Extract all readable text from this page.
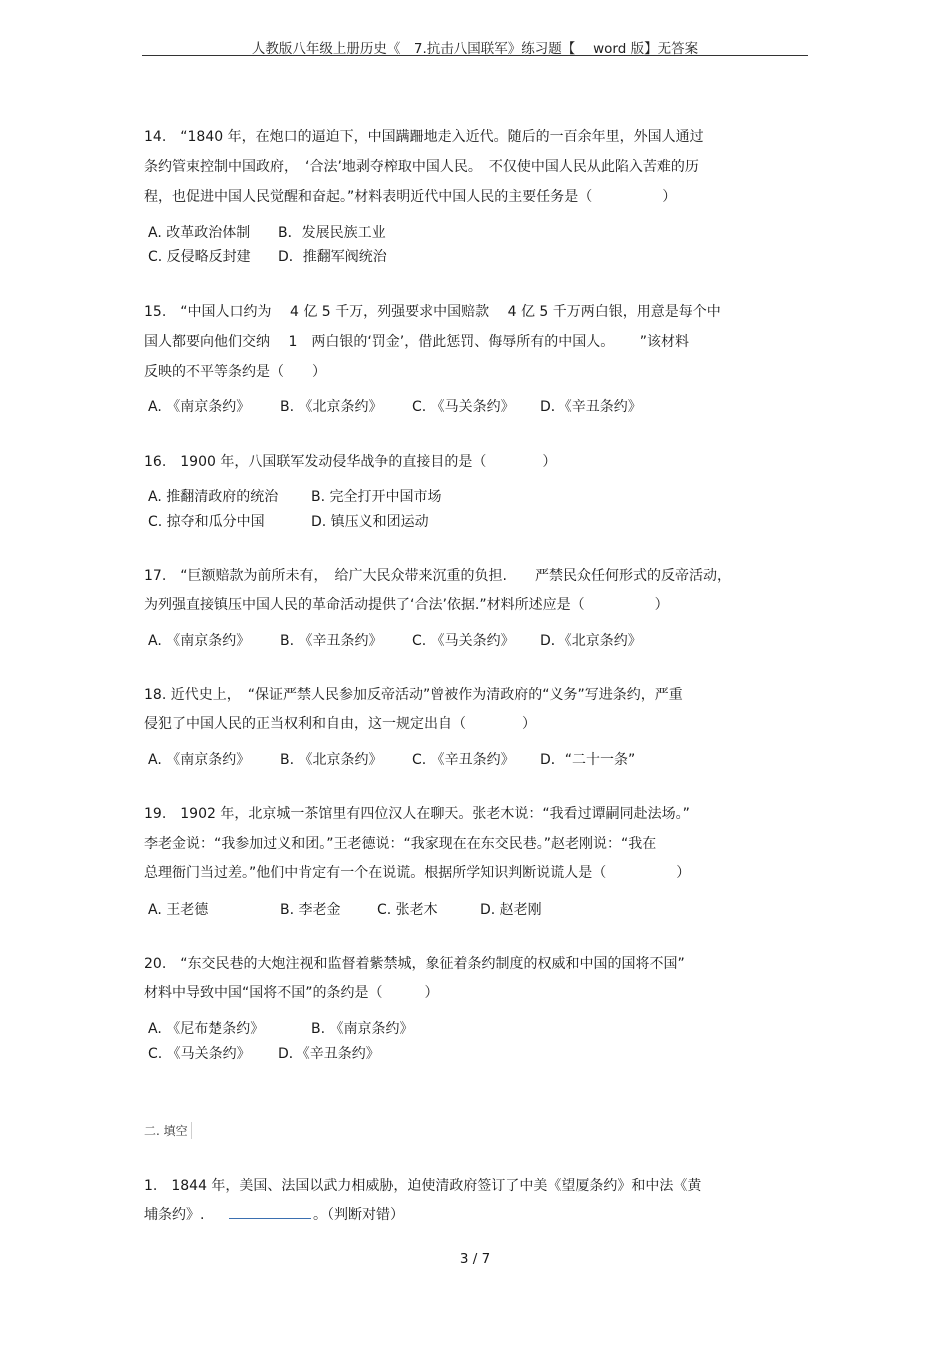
人教版八年级上册历史《　7.抗击八国联军》练习题【　 word 版】无答案
14.　“1840 年，在炮口的逼迫下，中国蹒跚地走入近代。随后的一百余年里，外国人通过
条约管束控制中国政府，　‘合法’地剥夺榨取中国人民。　不仅使中国人民从此陷入苦难的历
程，也促进中国人民觉醒和奋起。”材料表明近代中国人民的主要任务是（　　　　　）
A. 改革政治体制 B．发展民族工业
C. 反侵略反封建 D．推翻军阀统治
15.　“中国人口约为　 4 亿 5 千万，列强要求中国赔款　 4 亿 5 千万两白银，用意是每个中
国人都要向他们交纳　 1　两白银的‘罚金’，借此惩罚、侮辱所有的中国人。　　 ”该材料
反映的不平等条约是（　　）
A. 《南京条约》 B. 《北京条约》 C. 《马关条约》 D．《辛丑条约》
16.　1900 年，八国联军发动侵华战争的直接目的是（　　　　）
A. 推翻清政府的统治 B. 完全打开中国市场
C. 掠夺和瓜分中国	D. 镇压义和团运动
17.　“巨额赔款为前所未有，　给广大民众带来沉重的负担.　　严禁民众任何形式的反帝活动，
为列强直接镇压中国人民的革命活动提供了‘合法’依据.”材料所述应是（　　　　　）
A. 《南京条约》 B. 《辛丑条约》 C. 《马关条约》 D．《北京条约》
18. 近代史上，　“保证严禁人民参加反帝活动”曾被作为清政府的“义务”写进条约，严重
侵犯了中国人民的正当权利和自由，这一规定出自（　　　　）
A. 《南京条约》 B. 《北京条约》 C. 《辛丑条约》 D．“二十一条”
19.　1902 年，北京城一茶馆里有四位汉人在聊天。张老木说：“我看过谭嗣同赴法场。”
李老金说：“我参加过义和团。”王老德说：“我家现在在东交民巷。”赵老刚说：“我在
总理衙门当过差。”他们中肯定有一个在说谎。根据所学知识判断说谎人是（　　　　　）
A. 王老德	B. 李老金	C. 张老木	D. 赵老刚
20.　“东交民巷的大炮注视和监督着紫禁城，象征着条约制度的权威和中国的国将不国”
材料中导致中国“国将不国”的条约是（　　　）
A. 《尼布楚条约》	B. 《南京条约》
C. 《马关条约》 D．《辛丑条约》
二. 填空
1.　1844 年，美国、法国以武力相威胁，迫使清政府签订了中美《望厦条约》和中法《黄
埔条约》.	。（判断对错）
3 / 7
